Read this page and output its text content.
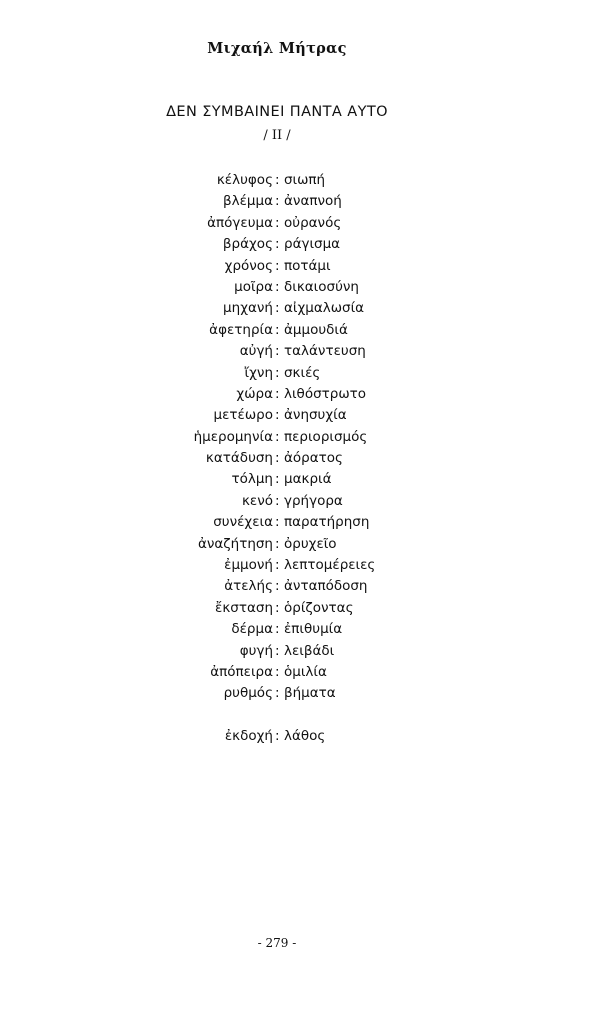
Μιχαήλ Μήτρας
ΔΕΝ ΣΥΜΒΑΙΝΕΙ ΠΑΝΤΑ ΑΥΤΟ
/ ΙΙ /
κέλυφος : σιωπή
βλέμμα : ἀναπνοή
ἀπόγευμα : οὐρανός
βράχος : ράγισμα
χρόνος : ποτάμι
μοῖρα : δικαιοσύνη
μηχανή : αἰχμαλωσία
ἀφετηρία : ἀμμουδιά
αὐγή : ταλάντευση
ἴχνη : σκιές
χώρα : λιθόστρωτο
μετέωρο : ἀνησυχία
ἡμερομηνία : περιορισμός
κατάδυση : ἀόρατος
τόλμη : μακριά
κενό : γρήγορα
συνέχεια : παρατήρηση
ἀναζήτηση : ὀρυχεῖο
ἐμμονή : λεπτομέρειες
ἀτελής : ἀνταπόδοση
ἔκσταση : ὁρίζοντας
δέρμα : ἐπιθυμία
φυγή : λειβάδι
ἀπόπειρα : ὁμιλία
ρυθμός : βήματα
ἐκδοχή : λάθος
- 279 -
